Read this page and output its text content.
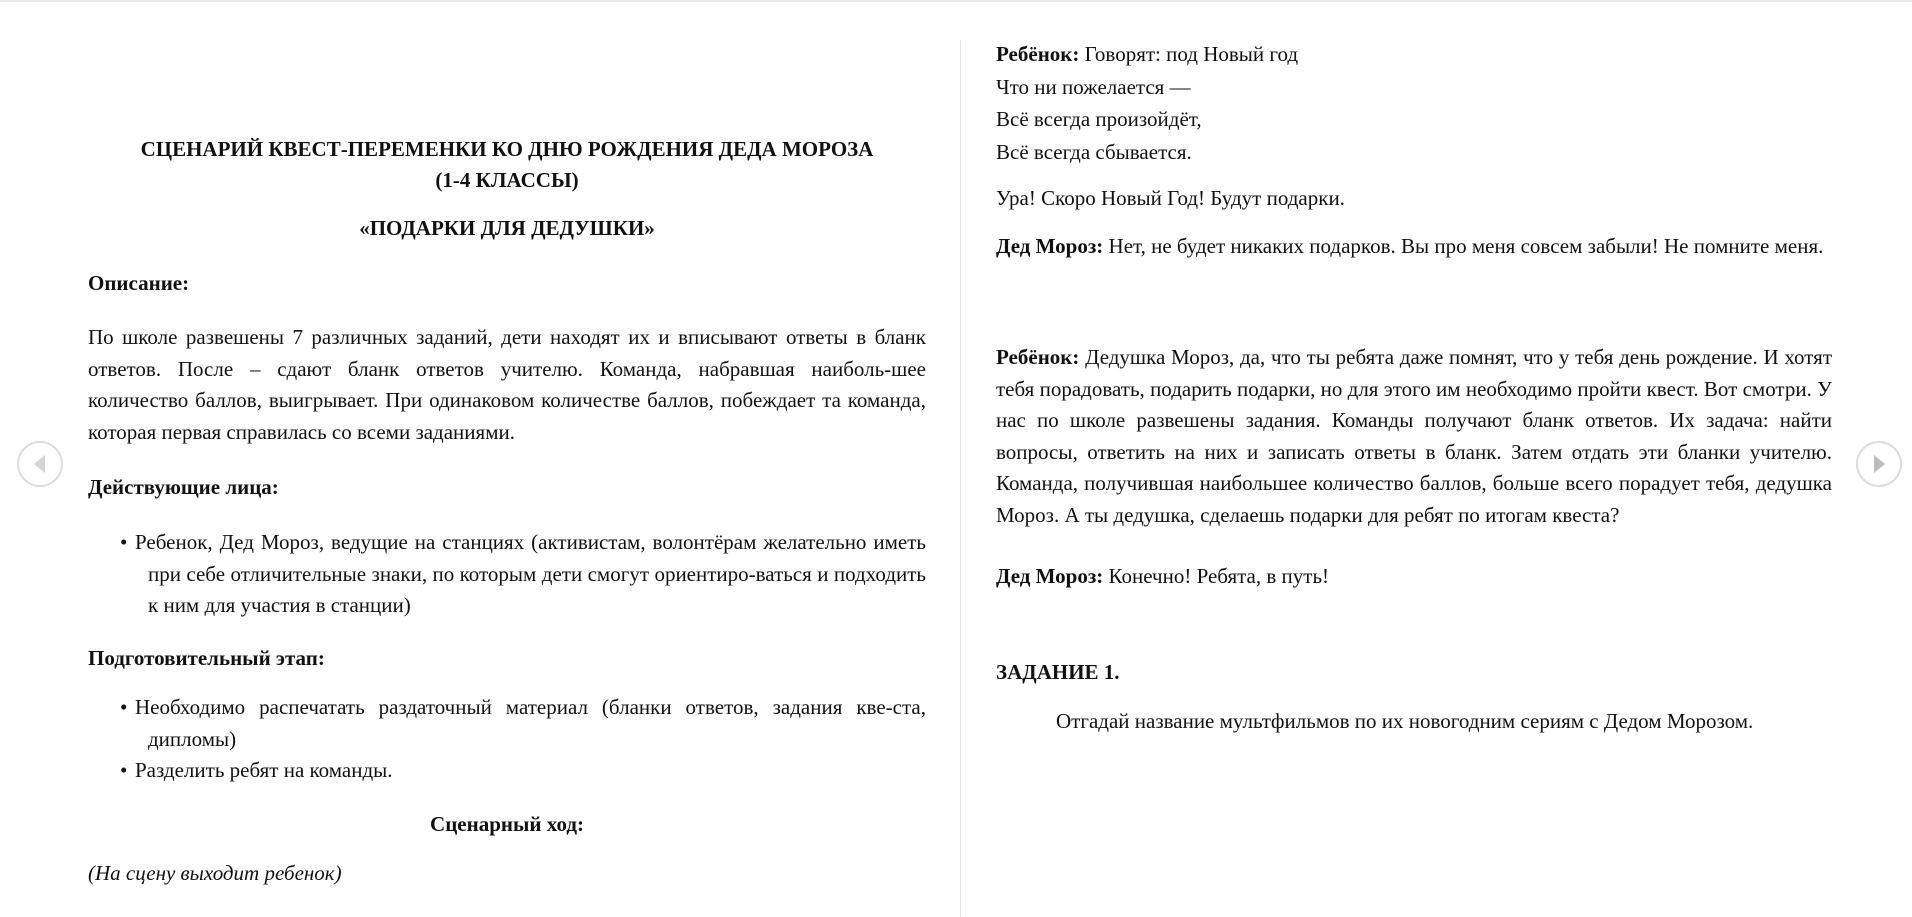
СЦЕНАРИЙ КВЕСТ-ПЕРЕМЕНКИ КО ДНЮ РОЖДЕНИЯ ДЕДА МОРОЗА

(1-4 КЛАССЫ)

«ПОДАРКИ ДЛЯ ДЕДУШКИ»

Описание:

По школе развешены 7 различных заданий, дети находят их и вписывают ответы в бланк ответов. После – сдают бланк ответов учителю. Команда, набравшая наиболь-шее количество баллов, выигрывает. При одинаковом количестве баллов, побеждает та команда, которая первая справилась со всеми заданиями.

Действующие лица:

• Ребенок, Дед Мороз, ведущие на станциях (активистам, волонтёрам желательно иметь при себе отличительные знаки, по которым дети смогут ориентиро-ваться и подходить к ним для участия в станции)

Подготовительный этап:

• Необходимо распечатать раздаточный материал (бланки ответов, задания кве-ста, дипломы)
• Разделить ребят на команды.

Сценарный ход:

(На сцену выходит ребенок)

Ребёнок: Говорят: под Новый год

Что ни пожелается —

Всё всегда произойдёт,

Всё всегда сбывается.

Ура! Скоро Новый Год! Будут подарки.

Дед Мороз: Нет, не будет никаких подарков. Вы про меня совсем забыли! Не помните меня.

Ребёнок: Дедушка Мороз, да, что ты ребята даже помнят, что у тебя день рождение. И хотят тебя порадовать, подарить подарки, но для этого им необходимо пройти квест. Вот смотри. У нас по школе развешены задания. Команды получают бланк ответов. Их задача: найти вопросы, ответить на них и записать ответы в бланк. Затем отдать эти бланки учителю. Команда, получившая наибольшее количество баллов, больше всего порадует тебя, дедушка Мороз. А ты дедушка, сделаешь подарки для ребят по итогам квеста?

Дед Мороз: Конечно! Ребята, в путь!

ЗАДАНИЕ 1.

Отгадай название мультфильмов по их новогодним сериям с Дедом Морозом.
